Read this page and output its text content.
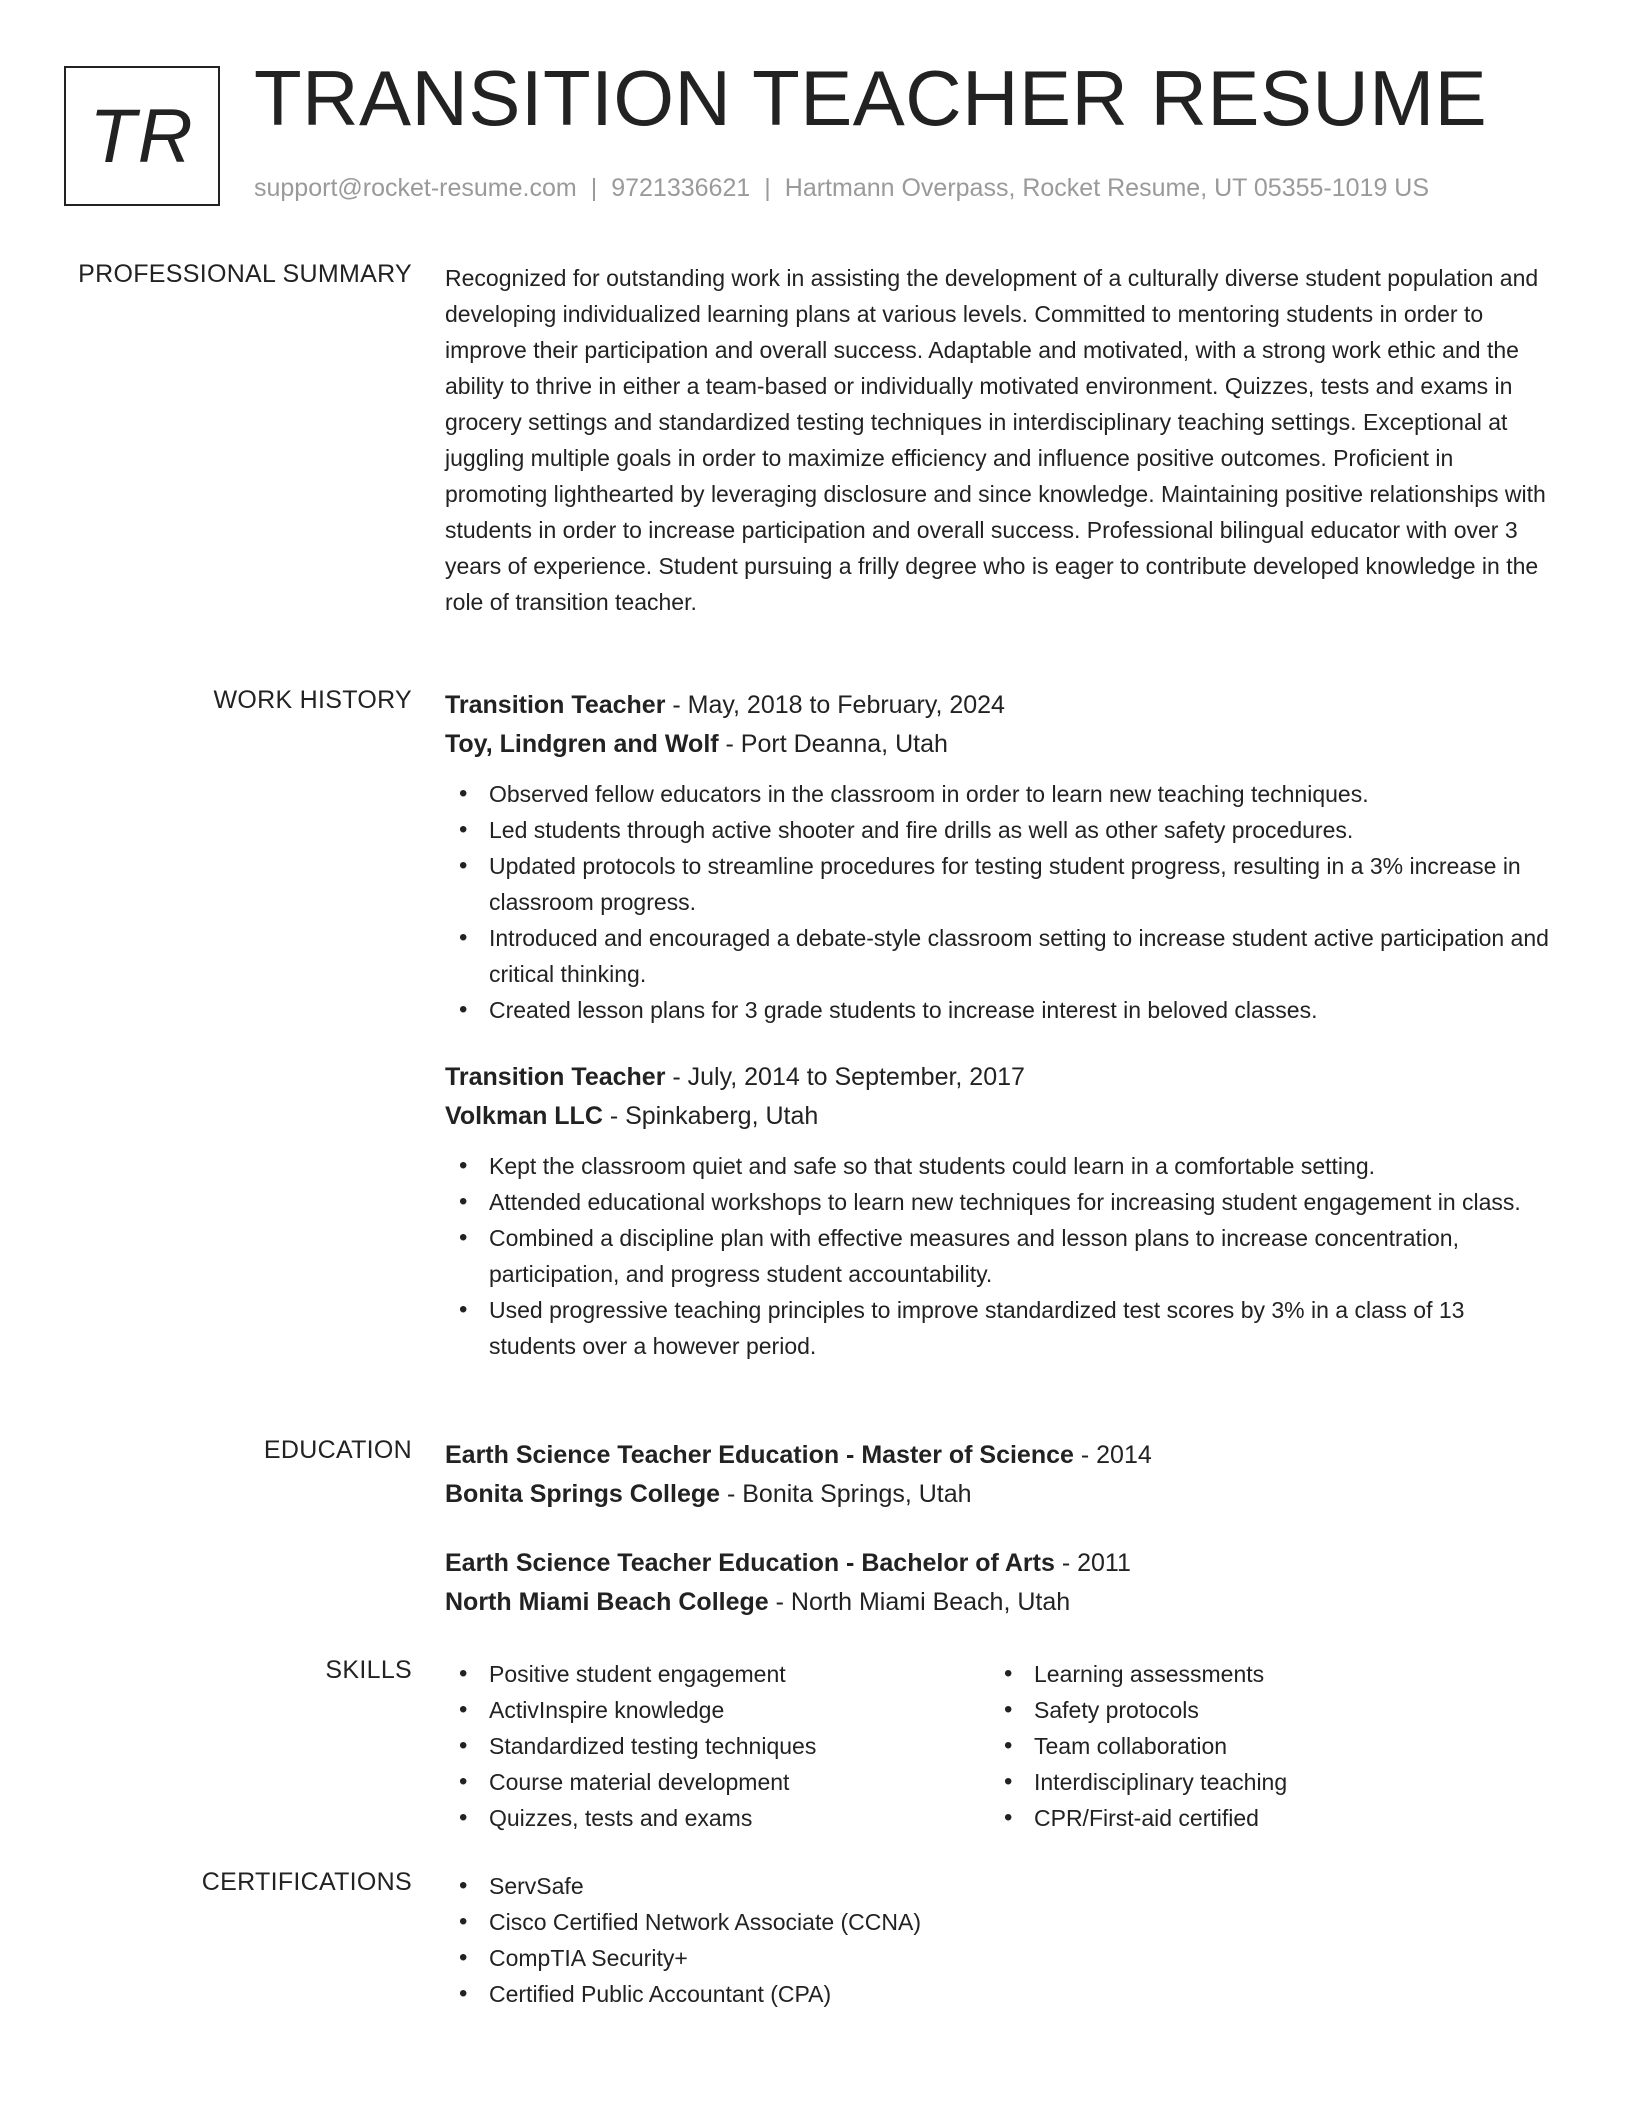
TR TRANSITION TEACHER RESUME
support@rocket-resume.com | 9721336621 | Hartmann Overpass, Rocket Resume, UT 05355-1019 US
PROFESSIONAL SUMMARY Recognized for outstanding work in assisting the development of a culturally diverse student population and developing individualized learning plans at various levels. Committed to mentoring students in order to improve their participation and overall success. Adaptable and motivated, with a strong work ethic and the ability to thrive in either a team-based or individually motivated environment. Quizzes, tests and exams in grocery settings and standardized testing techniques in interdisciplinary teaching settings. Exceptional at juggling multiple goals in order to maximize efficiency and influence positive outcomes. Proficient in promoting lighthearted by leveraging disclosure and since knowledge. Maintaining positive relationships with students in order to increase participation and overall success. Professional bilingual educator with over 3 years of experience. Student pursuing a frilly degree who is eager to contribute developed knowledge in the role of transition teacher.

WORK HISTORY Transition Teacher - May, 2018 to February, 2024

Toy, Lindgren and Wolf - Port Deanna, Utah

• Observed fellow educators in the classroom in order to learn new teaching techniques.
• Led students through active shooter and fire drills as well as other safety procedures.
• Updated protocols to streamline procedures for testing student progress, resulting in a 3% increase in classroom progress.
• Introduced and encouraged a debate-style classroom setting to increase student active participation and critical thinking.
• Created lesson plans for 3 grade students to increase interest in beloved classes.

Transition Teacher - July, 2014 to September, 2017

Volkman LLC - Spinkaberg, Utah

• Kept the classroom quiet and safe so that students could learn in a comfortable setting.
• Attended educational workshops to learn new techniques for increasing student engagement in class.
• Combined a discipline plan with effective measures and lesson plans to increase concentration, participation, and progress student accountability.
• Used progressive teaching principles to improve standardized test scores by 3% in a class of 13 students over a however period.
EDUCATION Earth Science Teacher Education - Master of Science - 2014

Bonita Springs College - Bonita Springs, Utah

Earth Science Teacher Education - Bachelor of Arts - 2011

North Miami Beach College - North Miami Beach, Utah

SKILLS	• Positive student engagement
• ActivInspire knowledge
• Standardized testing techniques
• Course material development
• Quizzes, tests and exams
• Learning assessments
• Safety protocols
• Team collaboration
• Interdisciplinary teaching
• CPR/First-aid certified
CERTIFICATIONS	• ServSafe
• Cisco Certified Network Associate (CCNA)
• CompTIA Security+
• Certified Public Accountant (CPA)
